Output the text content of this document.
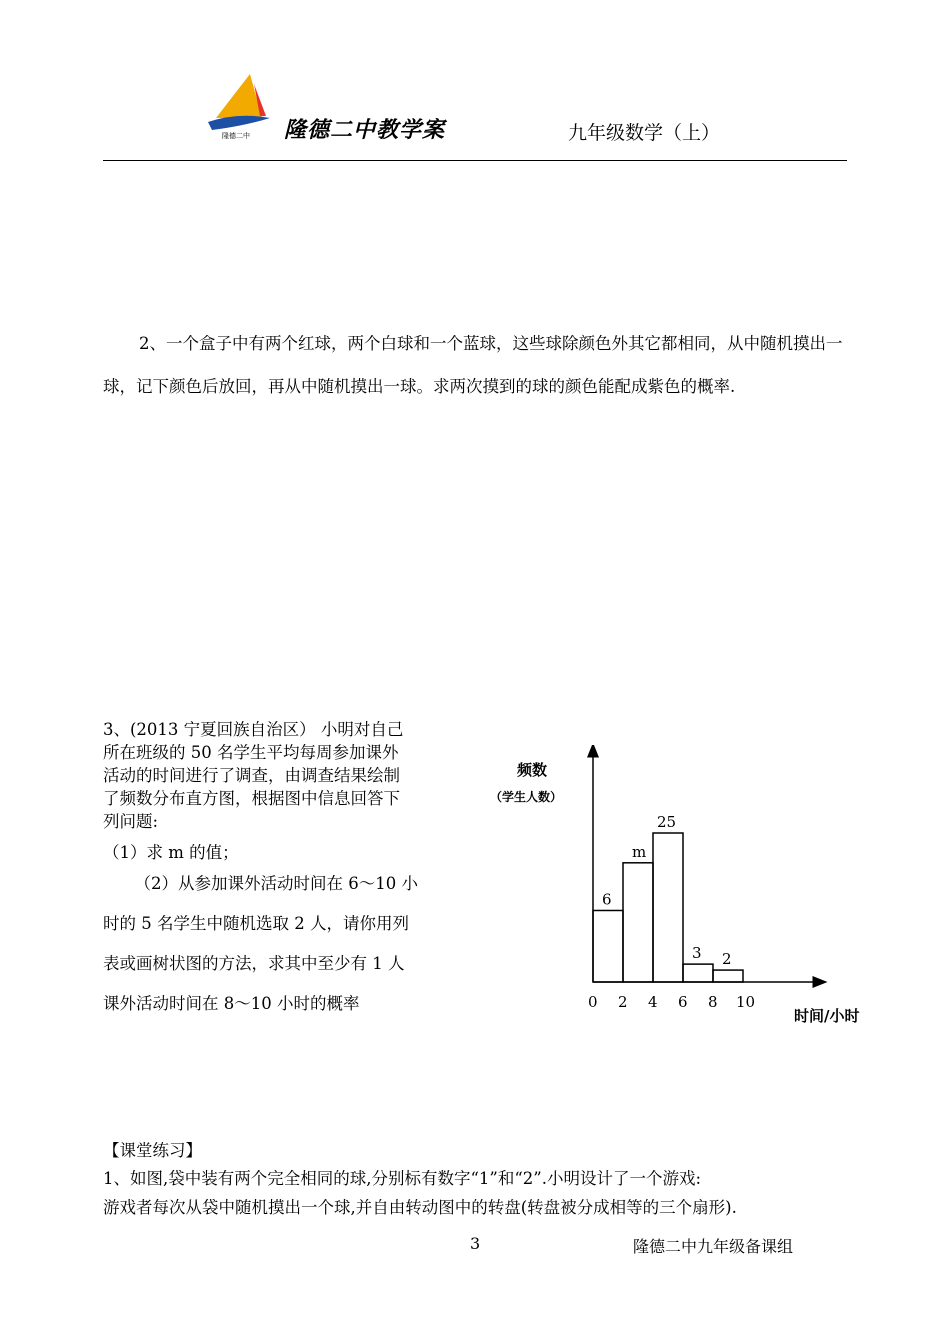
隆德二中 隆德二中教学案	九年级数学（上）

2、一个盒子中有两个红球，两个白球和一个蓝球，这些球除颜色外其它都相同，从中随机摸出一球，记下颜色后放回，再从中随机摸出一球。求两次摸到的球的颜色能配成紫色的概率.

3、(2013 宁夏回族自治区） 小明对自己
所在班级的 50 名学生平均每周参加课外
活动的时间进行了调查，由调查结果绘制
了频数分布直方图，根据图中信息回答下
列问题:
（1）求 m 的值；
（2）从参加课外活动时间在 6～10 小
时的 5 名学生中随机选取 2 人，请你用列
表或画树状图的方法，求其中至少有 1 人
课外活动时间在 8～10 小时的概率
频数
（学生人数）
时间/小时
6
m
25
3 2
0 2 4 6 8 10
【课堂练习】
1、如图,袋中装有两个完全相同的球,分别标有数字“1”和“2”.小明设计了一个游戏:
游戏者每次从袋中随机摸出一个球,并自由转动图中的转盘(转盘被分成相等的三个扇形).
3	隆德二中九年级备课组
